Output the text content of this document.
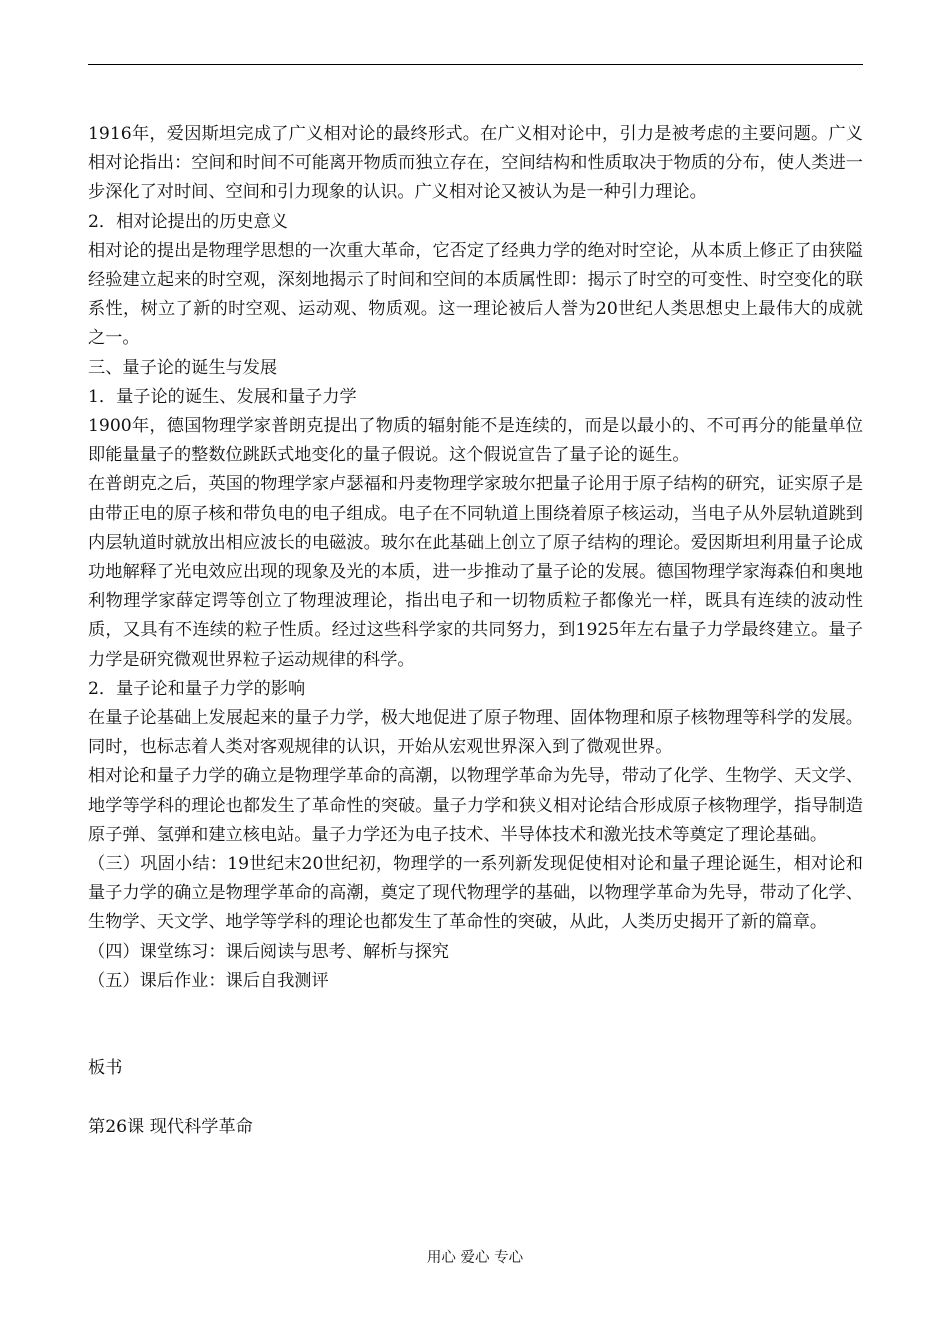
1916年，爱因斯坦完成了广义相对论的最终形式。在广义相对论中，引力是被考虑的主要问题。广义相对论指出：空间和时间不可能离开物质而独立存在，空间结构和性质取决于物质的分布，使人类进一步深化了对时间、空间和引力现象的认识。广义相对论又被认为是一种引力理论。

2．相对论提出的历史意义

相对论的提出是物理学思想的一次重大革命，它否定了经典力学的绝对时空论，从本质上修正了由狭隘经验建立起来的时空观，深刻地揭示了时间和空间的本质属性即：揭示了时空的可变性、时空变化的联系性，树立了新的时空观、运动观、物质观。这一理论被后人誉为20世纪人类思想史上最伟大的成就之一。

三、量子论的诞生与发展

1．量子论的诞生、发展和量子力学

1900年，德国物理学家普朗克提出了物质的辐射能不是连续的，而是以最小的、不可再分的能量单位即能量量子的整数位跳跃式地变化的量子假说。这个假说宣告了量子论的诞生。

在普朗克之后，英国的物理学家卢瑟福和丹麦物理学家玻尔把量子论用于原子结构的研究，证实原子是由带正电的原子核和带负电的电子组成。电子在不同轨道上围绕着原子核运动，当电子从外层轨道跳到内层轨道时就放出相应波长的电磁波。玻尔在此基础上创立了原子结构的理论。爱因斯坦利用量子论成功地解释了光电效应出现的现象及光的本质，进一步推动了量子论的发展。德国物理学家海森伯和奥地利物理学家薛定谔等创立了物理波理论，指出电子和一切物质粒子都像光一样，既具有连续的波动性质，又具有不连续的粒子性质。经过这些科学家的共同努力，到1925年左右量子力学最终建立。量子力学是研究微观世界粒子运动规律的科学。

2．量子论和量子力学的影响

在量子论基础上发展起来的量子力学，极大地促进了原子物理、固体物理和原子核物理等科学的发展。同时，也标志着人类对客观规律的认识，开始从宏观世界深入到了微观世界。

相对论和量子力学的确立是物理学革命的高潮，以物理学革命为先导，带动了化学、生物学、天文学、地学等学科的理论也都发生了革命性的突破。量子力学和狭义相对论结合形成原子核物理学，指导制造原子弹、氢弹和建立核电站。量子力学还为电子技术、半导体技术和激光技术等奠定了理论基础。

（三）巩固小结：19世纪末20世纪初，物理学的一系列新发现促使相对论和量子理论诞生，相对论和量子力学的确立是物理学革命的高潮，奠定了现代物理学的基础，以物理学革命为先导，带动了化学、生物学、天文学、地学等学科的理论也都发生了革命性的突破，从此，人类历史揭开了新的篇章。

（四）课堂练习：课后阅读与思考、解析与探究

（五）课后作业：课后自我测评

板书

第26课 现代科学革命

用心 爱心 专心
